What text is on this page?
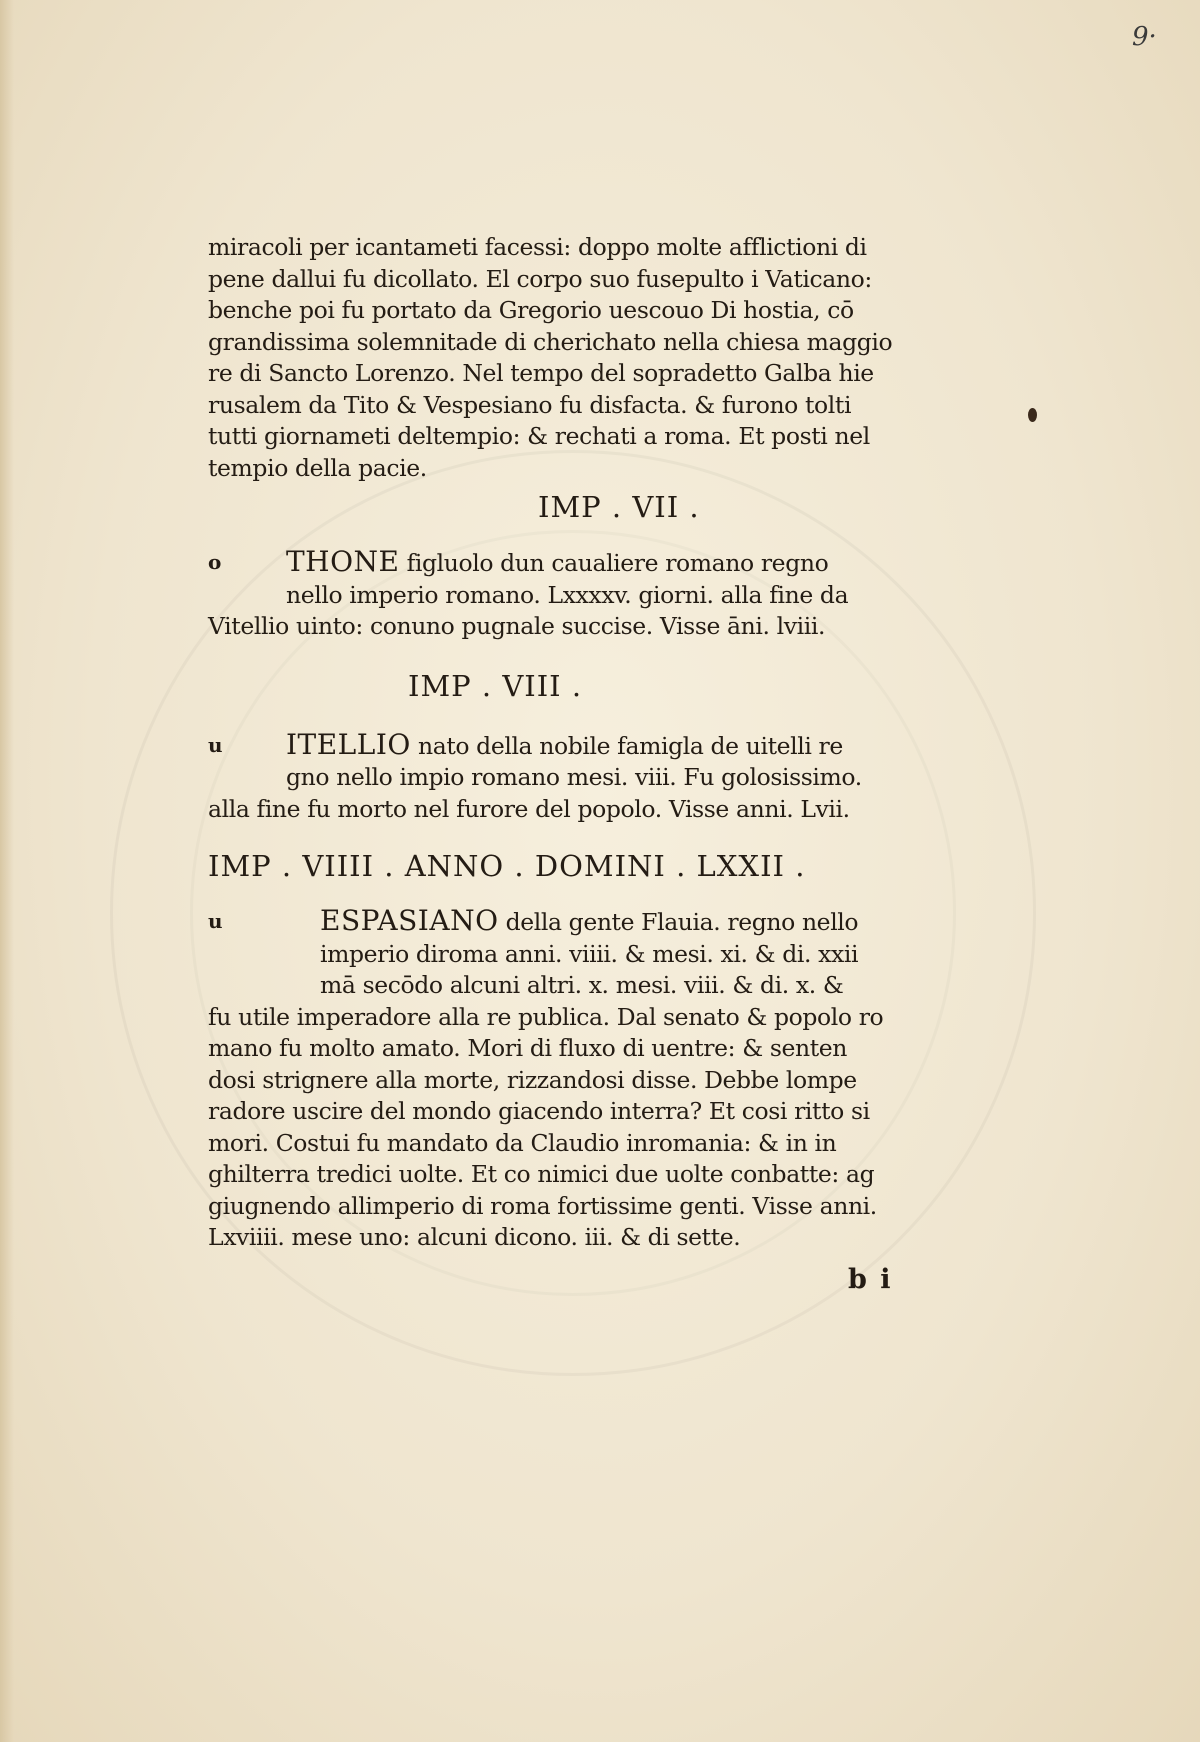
9·
miracoli per icantameti facessi: doppo molte afflictioni di
pene dallui fu dicollato. El corpo suo fusepulto i Vaticano:
benche poi fu portato da Gregorio uescouo Di hostia, cō
grandissima solemnitade di cherichato nella chiesa maggio
re di Sancto Lorenzo. Nel tempo del sopradetto Galba hie
rusalem da Tito & Vespesiano fu disfacta. & furono tolti
tutti giornameti deltempio: & rechati a roma. Et posti nel
tempio della pacie.
IMP . VII .
o	THONE figluolo dun caualiere romano regno
nello imperio romano. Lxxxxv. giorni. alla fine da
Vitellio uinto: conuno pugnale succise. Visse āni. lviii.
IMP . VIII .
u	ITELLIO nato della nobile famigla de uitelli re
gno nello impio romano mesi. viii. Fu golosissimo.
alla fine fu morto nel furore del popolo. Visse anni. Lvii.
IMP . VIIII . ANNO . DOMINI . LXXII .
u	ESPASIANO della gente Flauia. regno nello
imperio diroma anni. viiii. & mesi. xi. & di. xxii
mā secōdo alcuni altri. x. mesi. viii. & di. x. &
fu utile imperadore alla re publica. Dal senato & popolo ro
mano fu molto amato. Mori di fluxo di uentre: & senten
dosi strignere alla morte, rizzandosi disse. Debbe lompe
radore uscire del mondo giacendo interra? Et cosi ritto si
mori. Costui fu mandato da Claudio inromania: & in in
ghilterra tredici uolte. Et co nimici due uolte conbatte: ag
giugnendo allimperio di roma fortissime genti. Visse anni.
Lxviiii. mese uno: alcuni dicono. iii. & di sette.
b i
